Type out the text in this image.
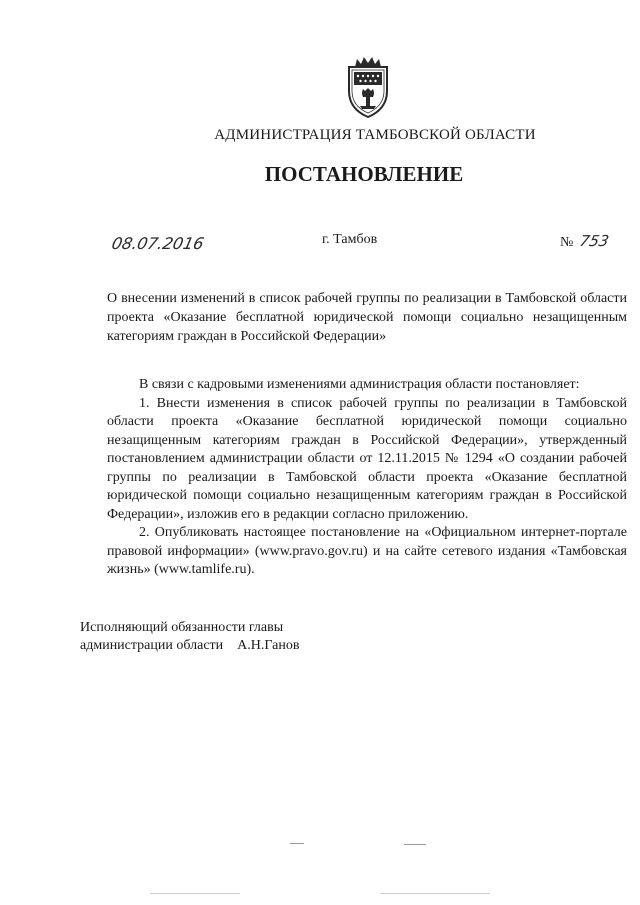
АДМИНИСТРАЦИЯ ТАМБОВСКОЙ ОБЛАСТИ
ПОСТАНОВЛЕНИЕ
08.07.2016	г. Тамбов	№ 753
О внесении изменений в список рабочей группы по реализации в Тамбовской области проекта «Оказание бесплатной юридической помощи социально незащищенным категориям граждан в Российской Федерации»

В связи с кадровыми изменениями администрация области постановляет:

1. Внести изменения в список рабочей группы по реализации в Тамбовской области проекта «Оказание бесплатной юридической помощи социально незащищенным категориям граждан в Российской Федерации», утвержденный постановлением администрации области от 12.11.2015 № 1294 «О создании рабочей группы по реализации в Тамбовской области проекта «Оказание бесплатной юридической помощи социально незащищенным категориям граждан в Российской Федерации», изложив его в редакции согласно приложению.

2. Опубликовать настоящее постановление на «Официальном интернет-портале правовой информации» (www.pravo.gov.ru) и на сайте сетевого издания «Тамбовская жизнь» (www.tamlife.ru).

Исполняющий обязанности главы
администрации области А.Н.Ганов
